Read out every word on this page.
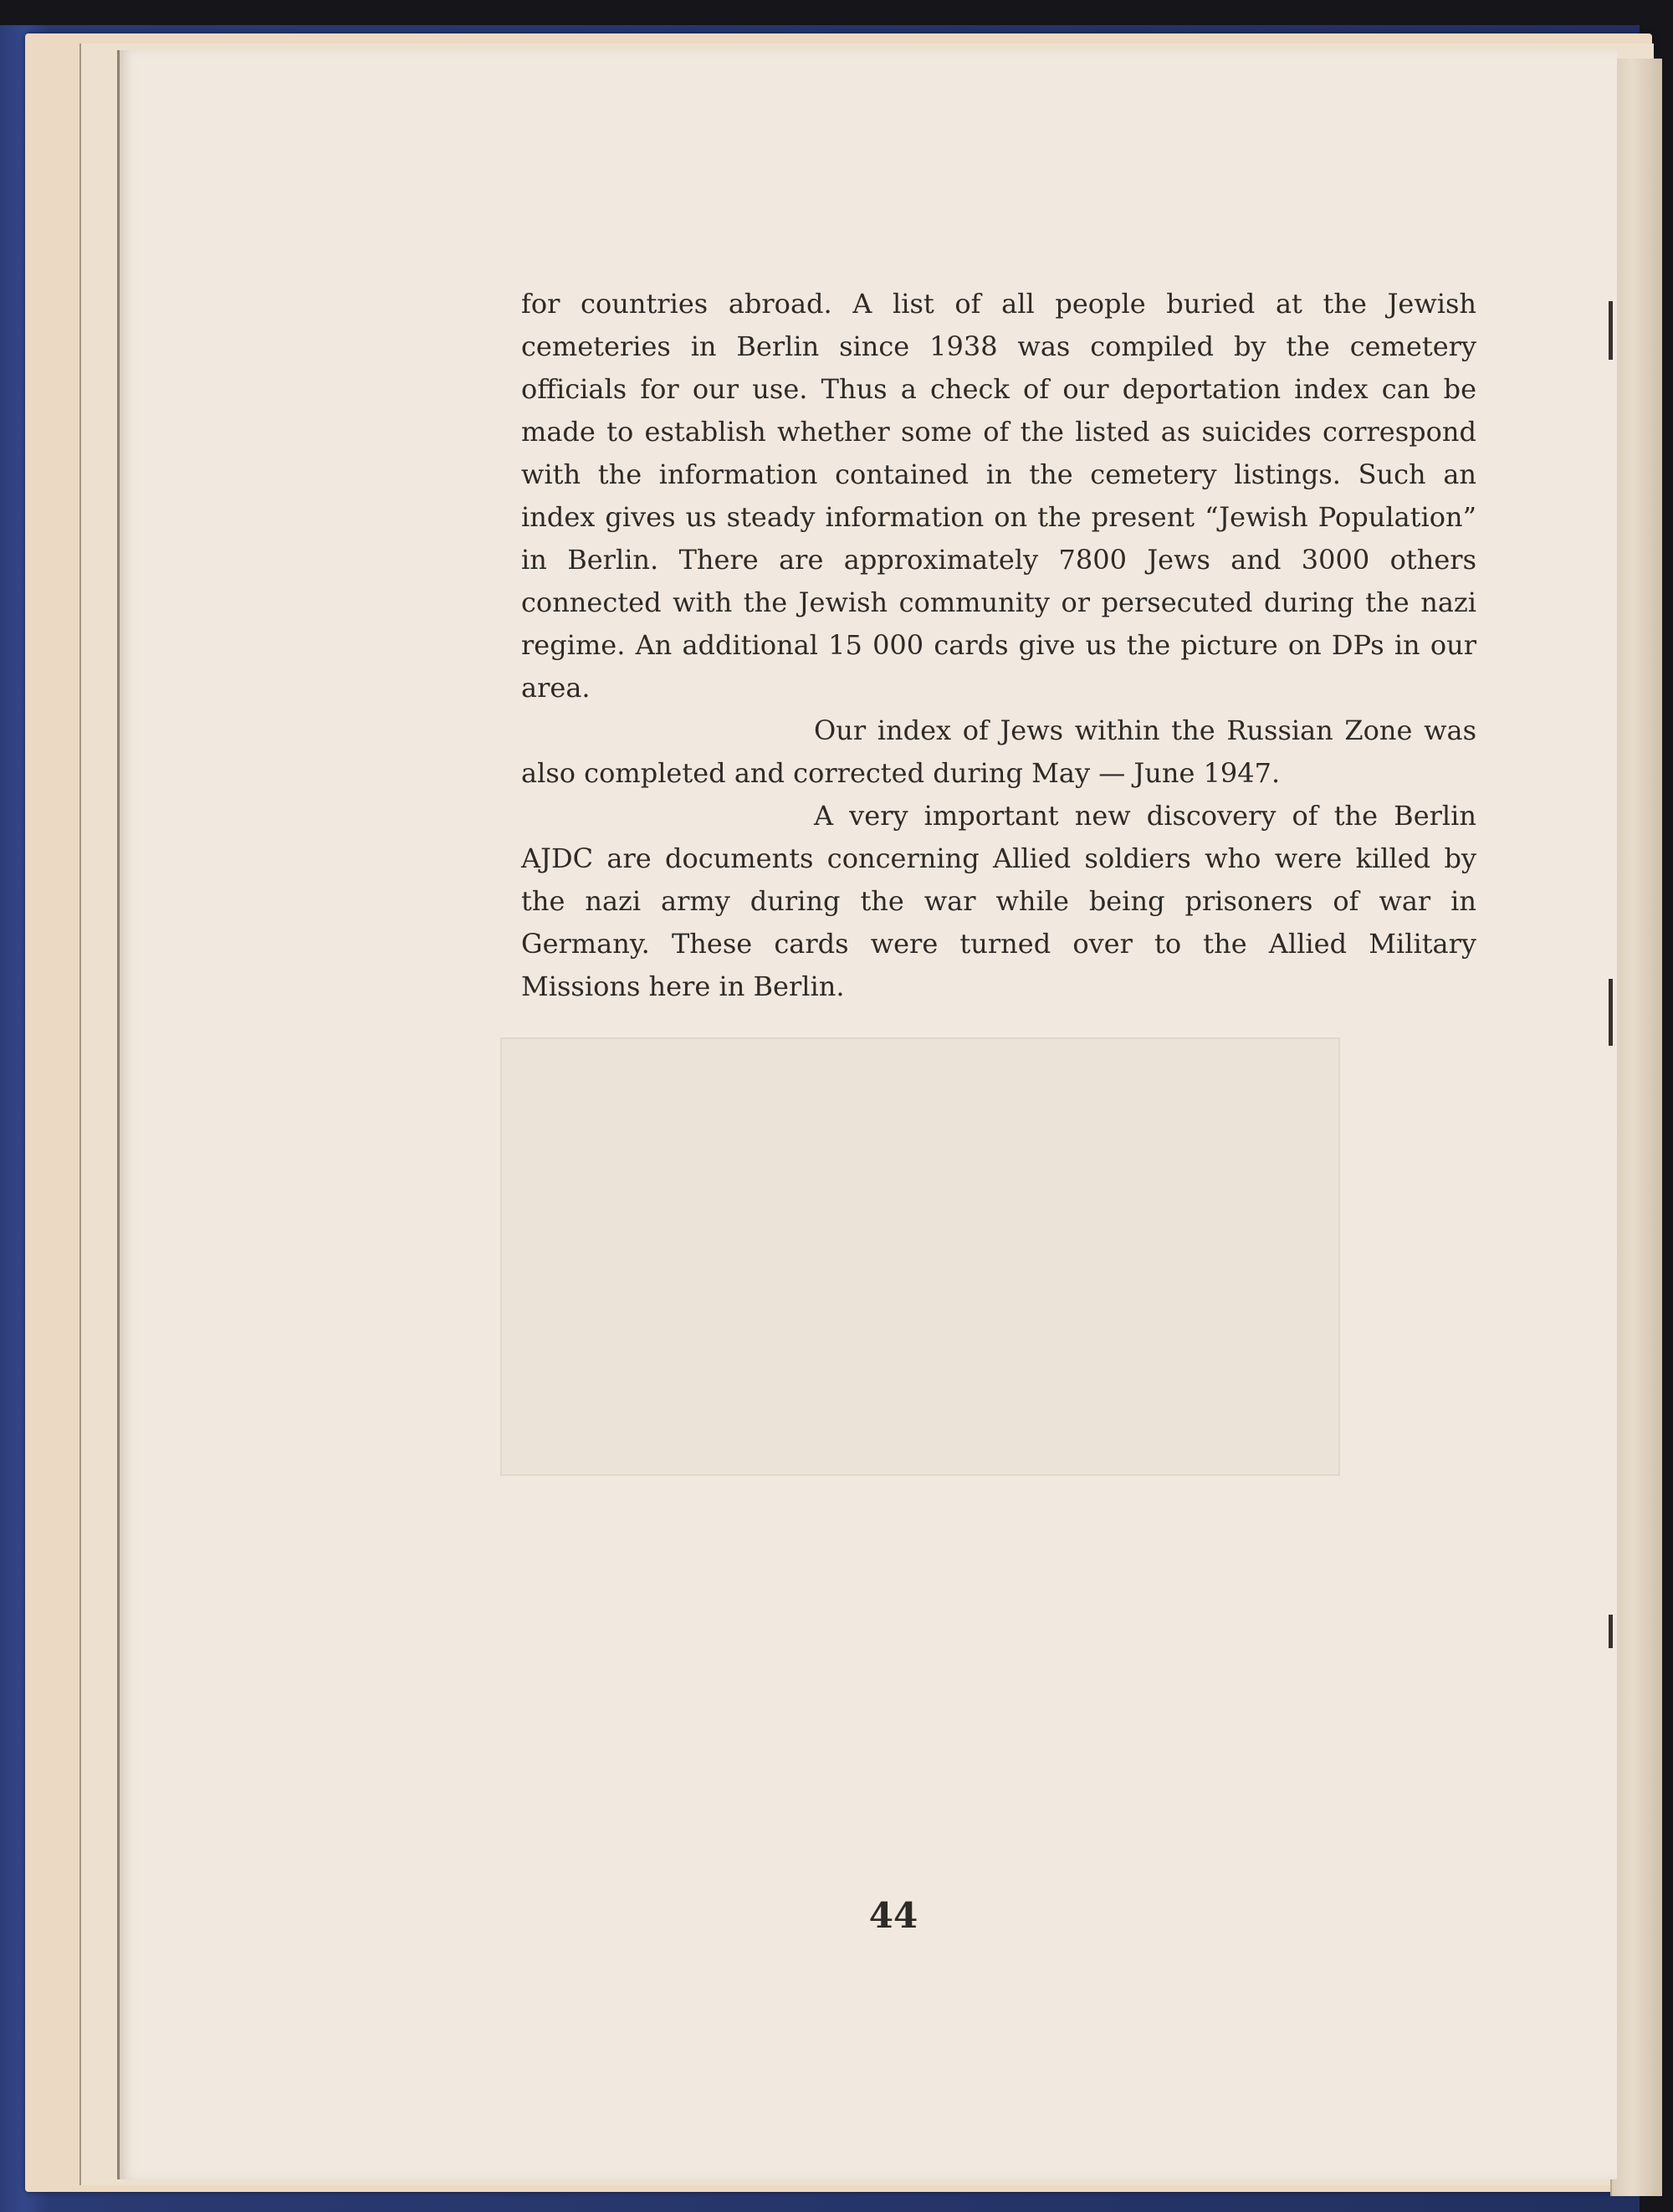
for countries abroad. A list of all people buried at the Jewish cemeteries in Berlin since 1938 was compiled by the cemetery officials for our use. Thus a check of our deportation index can be made to establish whether some of the listed as suicides correspond with the information contained in the cemetery listings. Such an index gives us steady information on the present “Jewish Population” in Berlin. There are approximately 7800 Jews and 3000 others connected with the Jewish community or persecuted during the nazi regime. An additional 15 000 cards give us the picture on DPs in our area.

Our index of Jews within the Russian Zone was also completed and corrected during May — June 1947.

A very important new discovery of the Berlin AJDC are documents concerning Allied soldiers who were killed by the nazi army during the war while being prisoners of war in Germany. These cards were turned over to the Allied Military Missions here in Berlin.

44
